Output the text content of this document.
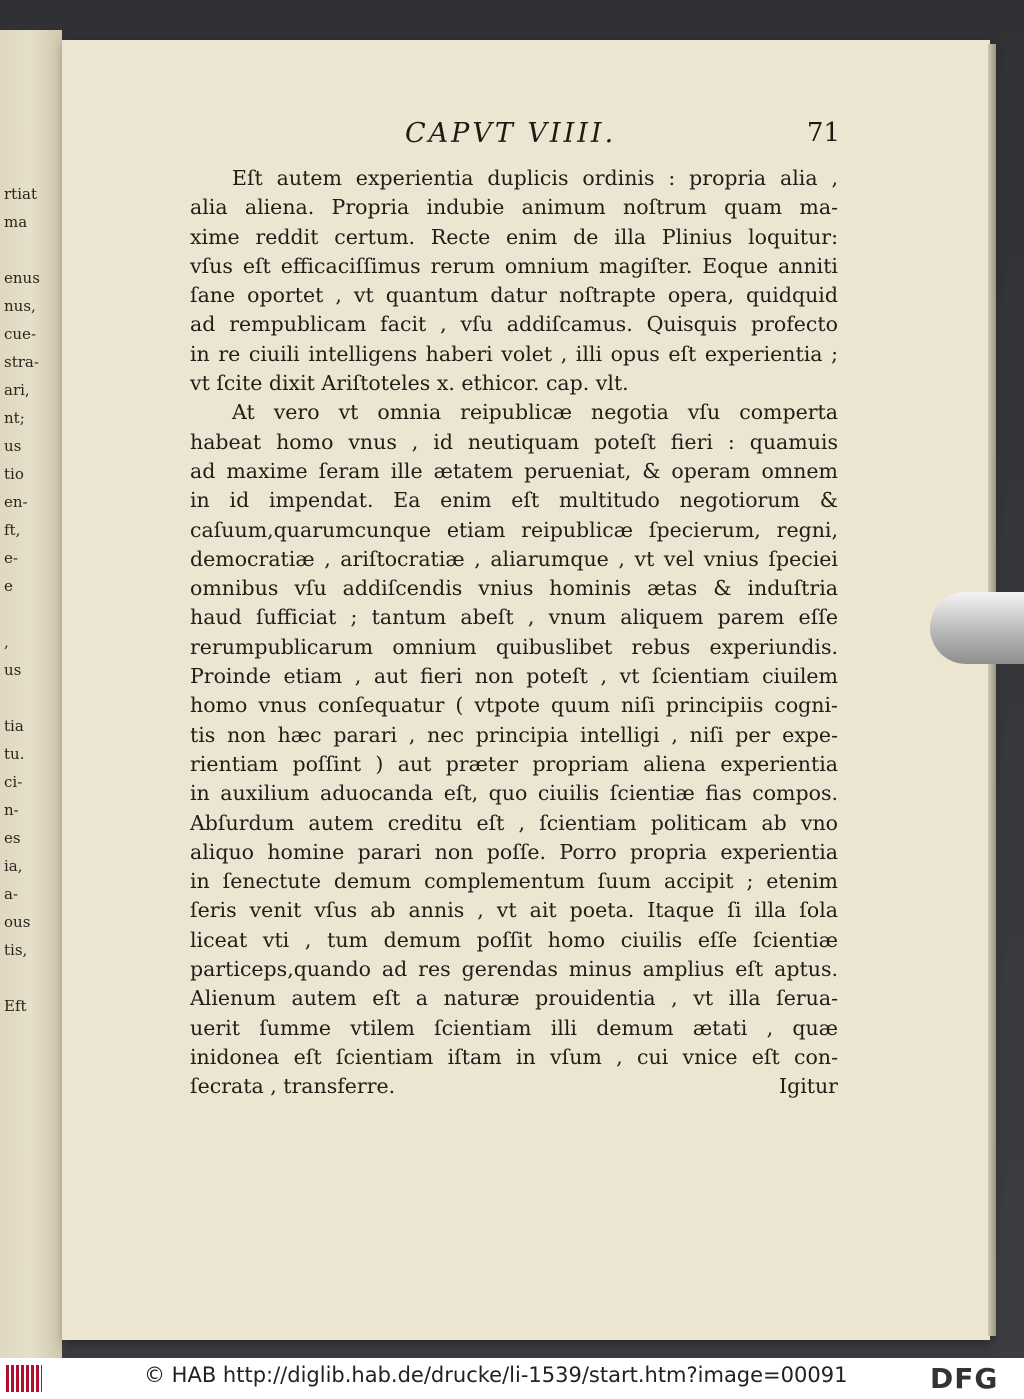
rtiat
ma
enus
nus,
cue-
stra-
ari,
nt;
us
tio
en-
ft,
e-
e
,
us
tia
tu.
ci-
n-
es
ia,
a-
ous
tis,
Eft
CAPVT VIIII.	71
Eſt autem experientia duplicis ordinis : propria alia ,
alia aliena. Propria indubie animum noſtrum quam ma-
xime reddit certum. Recte enim de illa Plinius loquitur:
vſus eſt efficaciſſimus rerum omnium magiſter. Eoque anniti
ſane oportet , vt quantum datur noſtrapte opera, quidquid
ad rempublicam facit , vſu addiſcamus. Quisquis profecto
in re ciuili intelligens haberi volet , illi opus eſt experientia ;
vt ſcite dixit Ariſtoteles x. ethicor. cap. vlt.
At vero vt omnia reipublicæ negotia vſu comperta
habeat homo vnus , id neutiquam poteſt fieri : quamuis
ad maxime ſeram ille ætatem perueniat, & operam omnem
in id impendat. Ea enim eſt multitudo negotiorum &
caſuum,quarumcunque etiam reipublicæ ſpecierum, regni,
democratiæ , ariſtocratiæ , aliarumque , vt vel vnius ſpeciei
omnibus vſu addiſcendis vnius hominis ætas & induſtria
haud ſufficiat ; tantum abeſt , vnum aliquem parem eſſe
rerumpublicarum omnium quibuslibet rebus experiundis.
Proinde etiam , aut fieri non poteſt , vt ſcientiam ciuilem
homo vnus conſequatur ( vtpote quum niſi principiis cogni-
tis non hæc parari , nec principia intelligi , niſi per expe-
rientiam poſſint ) aut præter propriam aliena experientia
in auxilium aduocanda eſt, quo ciuilis ſcientiæ fias compos.
Abſurdum autem creditu eſt , ſcientiam politicam ab vno
aliquo homine parari non poſſe. Porro propria experientia
in ſenectute demum complementum ſuum accipit ; etenim
ſeris venit vſus ab annis , vt ait poeta. Itaque ſi illa ſola
liceat vti , tum demum poſſit homo ciuilis eſſe ſcientiæ
particeps,quando ad res gerendas minus amplius eſt aptus.
Alienum autem eſt a naturæ prouidentia , vt illa ſerua-
uerit ſumme vtilem ſcientiam illi demum ætati , quæ
inidonea eſt ſcientiam iſtam in vſum , cui vnice eſt con-
ſecrata , transferre.	Igitur
© HAB http://diglib.hab.de/drucke/li-1539/start.htm?image=00091	DFG
